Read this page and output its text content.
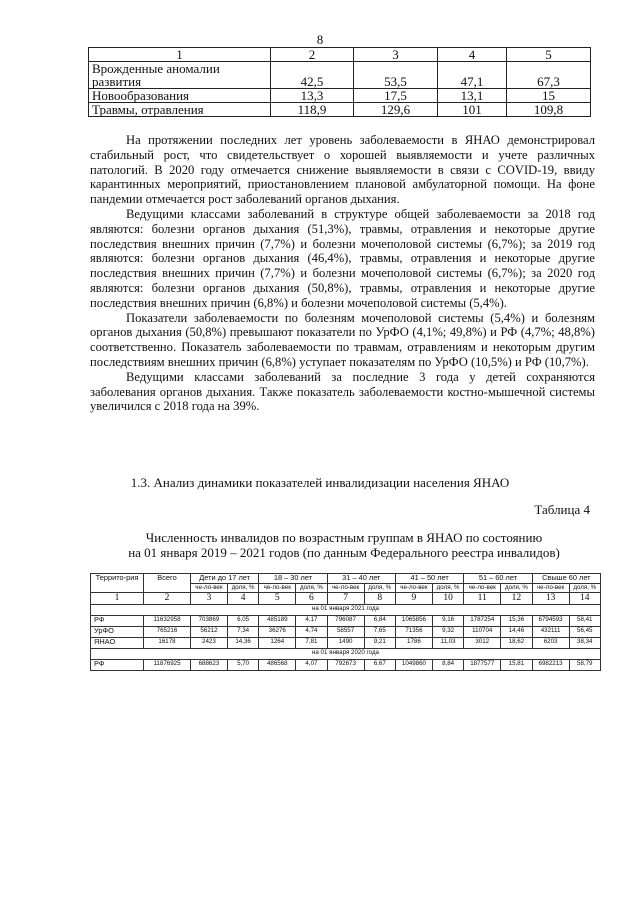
8
1	2	3	4	5
Врожденные аномалии развития	42,5	53,5	47,1	67,3
Новообразования	13,3	17,5	13,1	15
Травмы, отравления	118,9	129,6	101	109,8

На протяжении последних лет уровень заболеваемости в ЯНАО демонстрировал стабильный рост, что свидетельствует о хорошей выявляемости и учете различных патологий. В 2020 году отмечается снижение выявляемости в связи с COVID-19, ввиду карантинных мероприятий, приостановлением плановой амбулаторной помощи. На фоне пандемии отмечается рост заболеваний органов дыхания.

Ведущими классами заболеваний в структуре общей заболеваемости за 2018 год являются: болезни органов дыхания (51,3%), травмы, отравления и некоторые другие последствия внешних причин (7,7%) и болезни мочеполовой системы (6,7%); за 2019 год являются: болезни органов дыхания (46,4%), травмы, отравления и некоторые другие последствия внешних причин (7,7%) и болезни мочеполовой системы (6,7%); за 2020 год являются: болезни органов дыхания (50,8%), травмы, отравления и некоторые другие последствия внешних причин (6,8%) и болезни мочеполовой системы (5,4%).

Показатели заболеваемости по болезням мочеполовой системы (5,4%) и болезням органов дыхания (50,8%) превышают показатели по УрФО (4,1%; 49,8%) и РФ (4,7%; 48,8%) соответственно. Показатель заболеваемости по травмам, отравлениям и некоторым другим последствиям внешних причин (6,8%) уступает показателям по УрФО (10,5%) и РФ (10,7%).

Ведущими классами заболеваний за последние 3 года у детей сохраняются заболевания органов дыхания. Также показатель заболеваемости костно-мышечной системы увеличился с 2018 года на 39%.

1.3. Анализ динамики показателей инвалидизации населения ЯНАО
Таблица 4
Численность инвалидов по возрастным группам в ЯНАО по состоянию
на 01 января 2019 – 2021 годов (по данным Федерального реестра инвалидов)
Террито-рия	Всего	Дети до 17 лет		18 – 30 лет		31 – 40 лет		41 – 50 лет		51 – 60 лет		Свыше 60 лет	
		че-ло-век	доля, %	че-ло-век	доля, %	че-ло-век	доля, %	че-ло-век	доля, %	че-ло-век	доля, %	че-ло-век	доля, %
1	2	3	4	5	6	7	8	9	10	11	12	13	14
на 01 января 2021 года													
РФ	11632958	703869	6,05	485189	4,17	796087	6,84	1065856	9,16	1787254	15,36	6794593	58,41
УрФО	765216	56212	7,34	36276	4,74	58557	7,65	71356	9,32	110704	14,46	432111	56,45
ЯНАО	16178	2423	14,36	1264	7,81	1490	9,21	1786	11,03	3012	18,62	6203	38,34
на 01 января 2020 года													
РФ	11876925	688623	5,70	486568	4,07	792673	6,67	1049860	8,84	1877577	15,81	6982213	58,79
